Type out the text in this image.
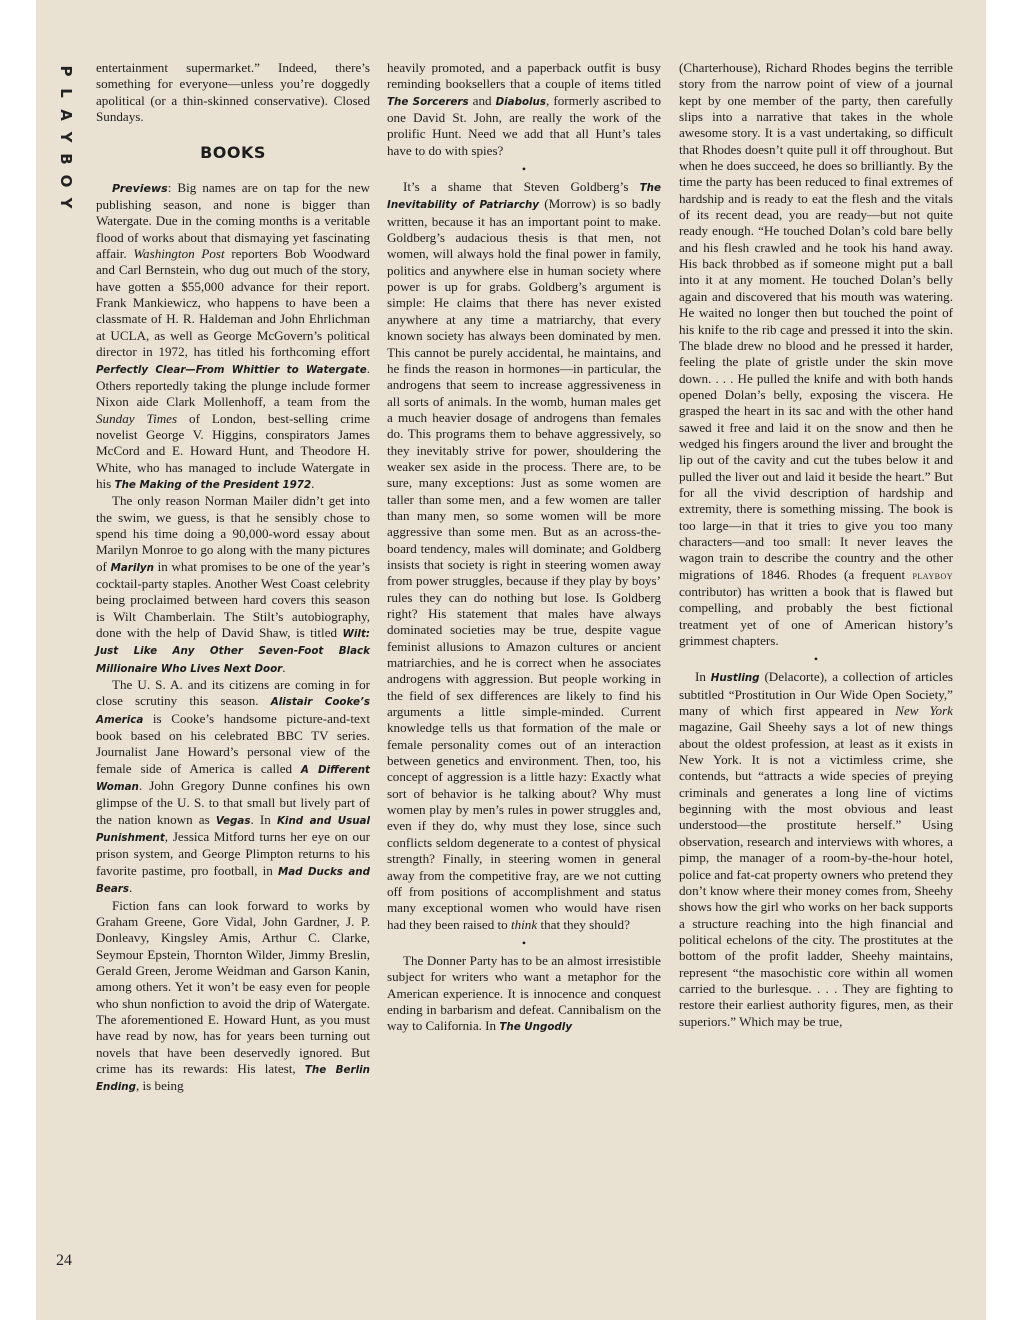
P
L
A
Y
B
O
Y
24

entertainment supermarket.” Indeed, there’s something for everyone—unless you’re doggedly apolitical (or a thin-skinned conservative). Closed Sundays.

BOOKS

Previews: Big names are on tap for the new publishing season, and none is bigger than Watergate. Due in the coming months is a veritable flood of works about that dismaying yet fascinating affair. Washington Post reporters Bob Woodward and Carl Bernstein, who dug out much of the story, have gotten a $55,000 advance for their report. Frank Mankiewicz, who happens to have been a classmate of H. R. Haldeman and John Ehrlichman at UCLA, as well as George McGovern’s political director in 1972, has titled his forthcoming effort Perfectly Clear—From Whittier to Watergate. Others reportedly taking the plunge include former Nixon aide Clark Mollenhoff, a team from the Sunday Times of London, best-selling crime novelist George V. Higgins, conspirators James McCord and E. Howard Hunt, and Theodore H. White, who has managed to include Watergate in his The Making of the President 1972.

The only reason Norman Mailer didn’t get into the swim, we guess, is that he sensibly chose to spend his time doing a 90,000-word essay about Marilyn Monroe to go along with the many pictures of Marilyn in what promises to be one of the year’s cocktail-party staples. Another West Coast celebrity being proclaimed between hard covers this season is Wilt Chamberlain. The Stilt’s autobiography, done with the help of David Shaw, is titled Wilt: Just Like Any Other Seven-Foot Black Millionaire Who Lives Next Door.

The U. S. A. and its citizens are coming in for close scrutiny this season. Alistair Cooke’s America is Cooke’s handsome picture-and-text book based on his celebrated BBC TV series. Journalist Jane Howard’s personal view of the female side of America is called A Different Woman. John Gregory Dunne confines his own glimpse of the U. S. to that small but lively part of the nation known as Vegas. In Kind and Usual Punishment, Jessica Mitford turns her eye on our prison system, and George Plimpton returns to his favorite pastime, pro football, in Mad Ducks and Bears.

Fiction fans can look forward to works by Graham Greene, Gore Vidal, John Gardner, J. P. Donleavy, Kingsley Amis, Arthur C. Clarke, Seymour Epstein, Thornton Wilder, Jimmy Breslin, Gerald Green, Jerome Weidman and Garson Kanin, among others. Yet it won’t be easy even for people who shun nonfiction to avoid the drip of Watergate. The aforementioned E. Howard Hunt, as you must have read by now, has for years been turning out novels that have been deservedly ignored. But crime has its rewards: His latest, The Berlin Ending, is being

heavily promoted, and a paperback outfit is busy reminding booksellers that a couple of items titled The Sorcerers and Diabolus, formerly ascribed to one David St. John, are really the work of the prolific Hunt. Need we add that all Hunt’s tales have to do with spies?

•

It’s a shame that Steven Goldberg’s The Inevitability of Patriarchy (Morrow) is so badly written, because it has an important point to make. Goldberg’s audacious thesis is that men, not women, will always hold the final power in family, politics and anywhere else in human society where power is up for grabs. Goldberg’s argument is simple: He claims that there has never existed anywhere at any time a matriarchy, that every known society has always been dominated by men. This cannot be purely accidental, he maintains, and he finds the reason in hormones—in particular, the androgens that seem to increase aggressiveness in all sorts of animals. In the womb, human males get a much heavier dosage of androgens than females do. This programs them to behave aggressively, so they inevitably strive for power, shouldering the weaker sex aside in the process. There are, to be sure, many exceptions: Just as some women are taller than some men, and a few women are taller than many men, so some women will be more aggressive than some men. But as an across-the-board tendency, males will dominate; and Goldberg insists that society is right in steering women away from power struggles, because if they play by boys’ rules they can do nothing but lose. Is Goldberg right? His statement that males have always dominated societies may be true, despite vague feminist allusions to Amazon cultures or ancient matriarchies, and he is correct when he associates androgens with aggression. But people working in the field of sex differences are likely to find his arguments a little simple-minded. Current knowledge tells us that formation of the male or female personality comes out of an interaction between genetics and environment. Then, too, his concept of aggression is a little hazy: Exactly what sort of behavior is he talking about? Why must women play by men’s rules in power struggles and, even if they do, why must they lose, since such conflicts seldom degenerate to a contest of physical strength? Finally, in steering women in general away from the competitive fray, are we not cutting off from positions of accomplishment and status many exceptional women who would have risen had they been raised to think that they should?

•

The Donner Party has to be an almost irresistible subject for writers who want a metaphor for the American experience. It is innocence and conquest ending in barbarism and defeat. Cannibalism on the way to California. In The Ungodly

(Charterhouse), Richard Rhodes begins the terrible story from the narrow point of view of a journal kept by one member of the party, then carefully slips into a narrative that takes in the whole awesome story. It is a vast undertaking, so difficult that Rhodes doesn’t quite pull it off throughout. But when he does succeed, he does so brilliantly. By the time the party has been reduced to final extremes of hardship and is ready to eat the flesh and the vitals of its recent dead, you are ready—but not quite ready enough. “He touched Dolan’s cold bare belly and his flesh crawled and he took his hand away. His back throbbed as if someone might put a ball into it at any moment. He touched Dolan’s belly again and discovered that his mouth was watering. He waited no longer then but touched the point of his knife to the rib cage and pressed it into the skin. The blade drew no blood and he pressed it harder, feeling the plate of gristle under the skin move down. . . . He pulled the knife and with both hands opened Dolan’s belly, exposing the viscera. He grasped the heart in its sac and with the other hand sawed it free and laid it on the snow and then he wedged his fingers around the liver and brought the lip out of the cavity and cut the tubes below it and pulled the liver out and laid it beside the heart.” But for all the vivid description of hardship and extremity, there is something missing. The book is too large—in that it tries to give you too many characters—and too small: It never leaves the wagon train to describe the country and the other migrations of 1846. Rhodes (a frequent playboy contributor) has written a book that is flawed but compelling, and probably the best fictional treatment yet of one of American history’s grimmest chapters.

•

In Hustling (Delacorte), a collection of articles subtitled “Prostitution in Our Wide Open Society,” many of which first appeared in New York magazine, Gail Sheehy says a lot of new things about the oldest profession, at least as it exists in New York. It is not a victimless crime, she contends, but “attracts a wide species of preying criminals and generates a long line of victims beginning with the most obvious and least understood—the prostitute herself.” Using observation, research and interviews with whores, a pimp, the manager of a room-by-the-hour hotel, police and fat-cat property owners who pretend they don’t know where their money comes from, Sheehy shows how the girl who works on her back supports a structure reaching into the high financial and political echelons of the city. The prostitutes at the bottom of the profit ladder, Sheehy maintains, represent “the masochistic core within all women carried to the burlesque. . . . They are fighting to restore their earliest authority figures, men, as their superiors.” Which may be true,
